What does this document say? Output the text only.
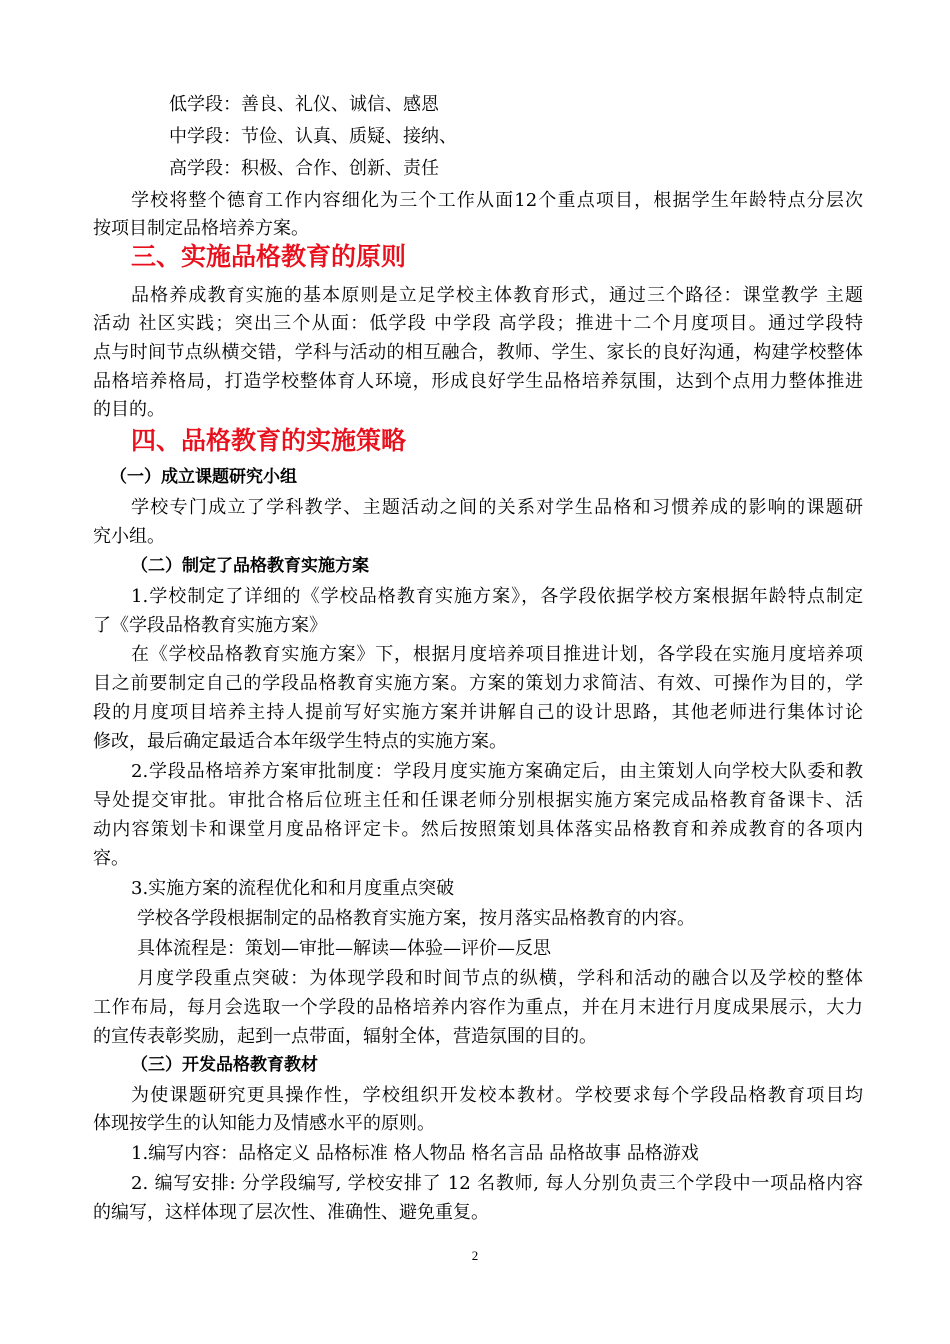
低学段：善良、礼仪、诚信、感恩
中学段：节俭、认真、质疑、接纳、
高学段：积极、合作、创新、责任
学校将整个德育工作内容细化为三个工作从面12个重点项目，根据学生年龄特点分层次
按项目制定品格培养方案。
三、实施品格教育的原则
品格养成教育实施的基本原则是立足学校主体教育形式，通过三个路径：课堂教学 主题
活动 社区实践；突出三个从面：低学段 中学段 高学段；推进十二个月度项目。通过学段特
点与时间节点纵横交错，学科与活动的相互融合，教师、学生、家长的良好沟通，构建学校整体
品格培养格局，打造学校整体育人环境，形成良好学生品格培养氛围，达到个点用力整体推进
的目的。
四、品格教育的实施策略
（一）成立课题研究小组
学校专门成立了学科教学、主题活动之间的关系对学生品格和习惯养成的影响的课题研
究小组。
（二）制定了品格教育实施方案
1.学校制定了详细的《学校品格教育实施方案》，各学段依据学校方案根据年龄特点制定
了《学段品格教育实施方案》
在《学校品格教育实施方案》下，根据月度培养项目推进计划，各学段在实施月度培养项
目之前要制定自己的学段品格教育实施方案。方案的策划力求简洁、有效、可操作为目的，学
段的月度项目培养主持人提前写好实施方案并讲解自己的设计思路，其他老师进行集体讨论
修改，最后确定最适合本年级学生特点的实施方案。
2.学段品格培养方案审批制度：学段月度实施方案确定后，由主策划人向学校大队委和教
导处提交审批。审批合格后位班主任和任课老师分别根据实施方案完成品格教育备课卡、活
动内容策划卡和课堂月度品格评定卡。然后按照策划具体落实品格教育和养成教育的各项内
容。
3.实施方案的流程优化和和月度重点突破
学校各学段根据制定的品格教育实施方案，按月落实品格教育的内容。
具体流程是：策划—审批—解读—体验—评价—反思
月度学段重点突破：为体现学段和时间节点的纵横，学科和活动的融合以及学校的整体
工作布局，每月会选取一个学段的品格培养内容作为重点，并在月末进行月度成果展示，大力
的宣传表彰奖励，起到一点带面，辐射全体，营造氛围的目的。
（三）开发品格教育教材
为使课题研究更具操作性，学校组织开发校本教材。学校要求每个学段品格教育项目均
体现按学生的认知能力及情感水平的原则。
1.编写内容：品格定义 品格标准 格人物品 格名言品 品格故事 品格游戏
2. 编写安排: 分学段编写, 学校安排了 12 名教师, 每人分别负责三个学段中一项品格内容
的编写，这样体现了层次性、准确性、避免重复。
2
